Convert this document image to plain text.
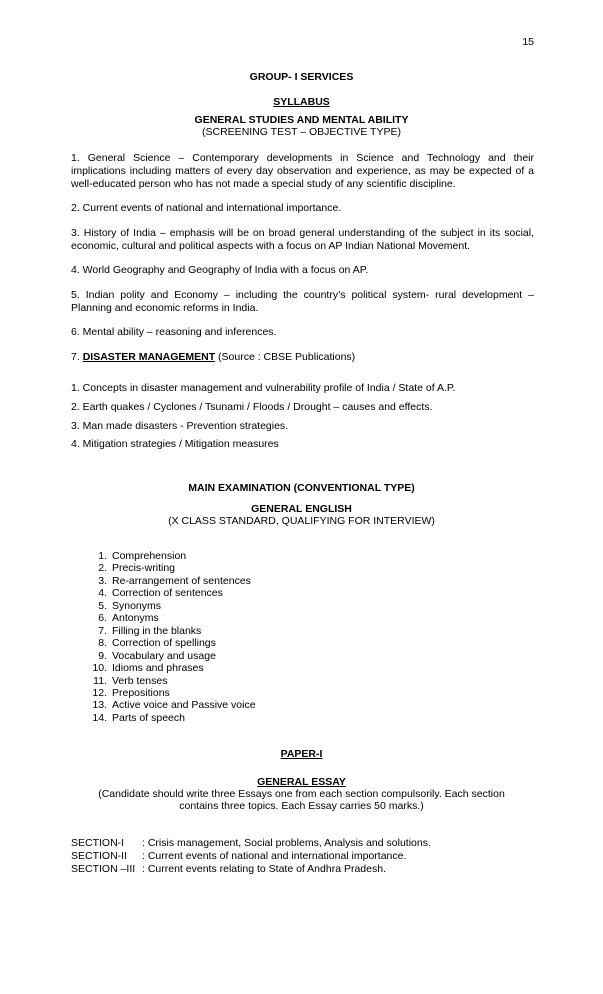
15
GROUP- I SERVICES
SYLLABUS
GENERAL STUDIES AND MENTAL ABILITY
(SCREENING TEST – OBJECTIVE TYPE)
1. General Science – Contemporary developments in Science and Technology and their implications including matters of every day observation and experience, as may be expected of a well-educated person who has not made a special study of any scientific discipline.
2. Current events of national and international importance.
3. History of India – emphasis will be on broad general understanding of the subject in its social, economic, cultural and political aspects with a focus on AP Indian National Movement.
4. World Geography and Geography of India with a focus on AP.
5. Indian polity and Economy – including the country’s political system- rural development – Planning and economic reforms in India.
6. Mental ability – reasoning and inferences.
7. DISASTER MANAGEMENT (Source : CBSE Publications)
1. Concepts in disaster management and vulnerability profile of India / State of A.P.
2. Earth quakes / Cyclones / Tsunami / Floods / Drought – causes and effects.
3. Man made disasters - Prevention strategies.
4. Mitigation strategies / Mitigation measures
MAIN EXAMINATION (CONVENTIONAL TYPE)
GENERAL ENGLISH
(X CLASS STANDARD, QUALIFYING FOR INTERVIEW)
1. Comprehension
2. Precis-writing
3. Re-arrangement of sentences
4. Correction of sentences
5. Synonyms
6. Antonyms
7. Filling in the blanks
8. Correction of spellings
9. Vocabulary and usage
10. Idioms and phrases
11. Verb tenses
12. Prepositions
13. Active voice and Passive voice
14. Parts of speech
PAPER-I
GENERAL ESSAY
(Candidate should write three Essays one from each section compulsorily. Each section
contains three topics. Each Essay carries 50 marks.)
SECTION-I : Crisis management, Social problems, Analysis and solutions.
SECTION-II : Current events of national and international importance.
SECTION –III : Current events relating to State of Andhra Pradesh.
